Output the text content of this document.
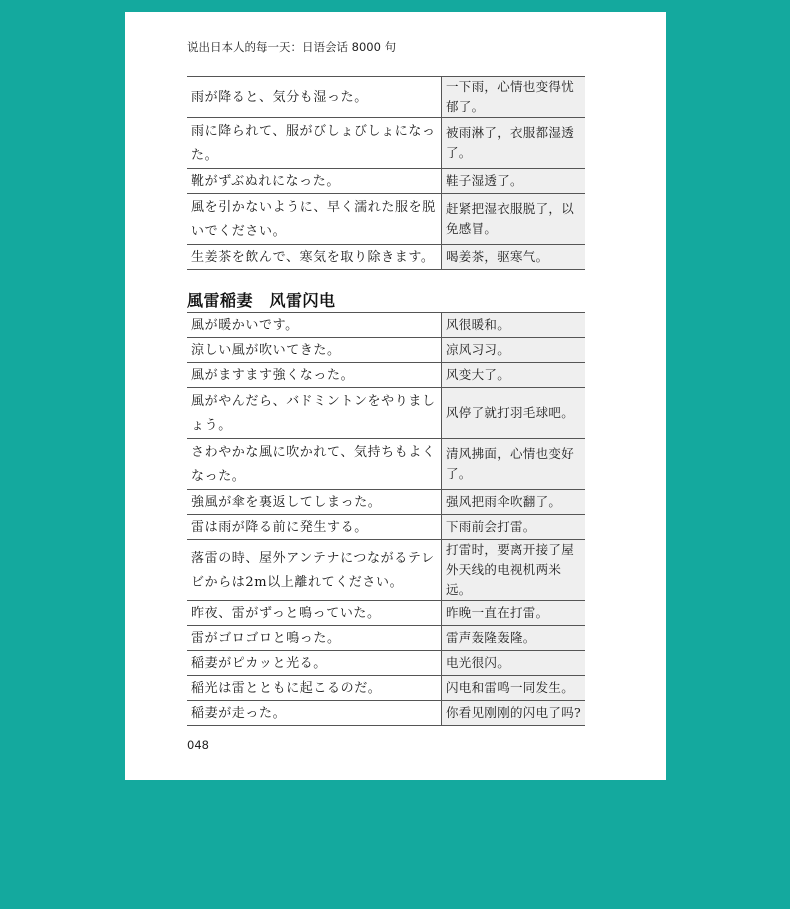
说出日本人的每一天：日语会话 8000 句
雨が降ると、気分も湿った。	一下雨，心情也变得忧郁了。

雨に降られて、服がびしょびしょになった。	被雨淋了，衣服都湿透了。

靴がずぶぬれになった。	鞋子湿透了。

風を引かないように、早く濡れた服を脱いでください。	赶紧把湿衣服脱了，以免感冒。

生姜茶を飲んで、寒気を取り除きます。	喝姜茶，驱寒气。
風雷稲妻　风雷闪电
風が暖かいです。	风很暖和。

涼しい風が吹いてきた。	凉风习习。

風がますます強くなった。	风变大了。

風がやんだら、バドミントンをやりましょう。	风停了就打羽毛球吧。

さわやかな風に吹かれて、気持ちもよくなった。	清风拂面，心情也变好了。

強風が傘を裏返してしまった。	强风把雨伞吹翻了。

雷は雨が降る前に発生する。	下雨前会打雷。

落雷の時、屋外アンテナにつながるテレビからは2m以上離れてください。	打雷时，要离开接了屋外天线的电视机两米远。

昨夜、雷がずっと鳴っていた。	昨晚一直在打雷。

雷がゴロゴロと鳴った。	雷声轰隆轰隆。

稲妻がピカッと光る。	电光很闪。

稲光は雷とともに起こるのだ。	闪电和雷鸣一同发生。

稲妻が走った。	你看见刚刚的闪电了吗?
048
